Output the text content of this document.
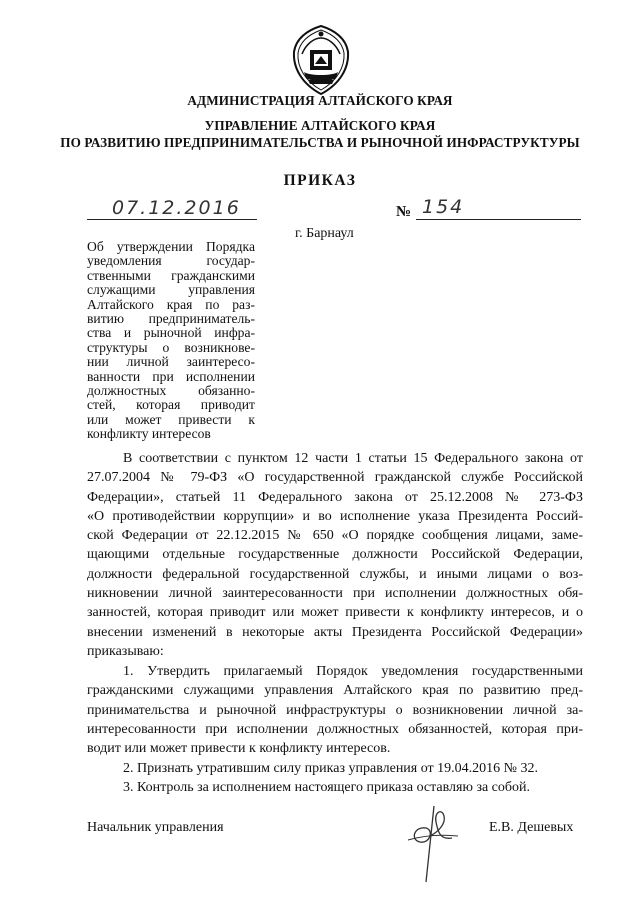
АДМИНИСТРАЦИЯ АЛТАЙСКОГО КРАЯ
УПРАВЛЕНИЕ АЛТАЙСКОГО КРАЯ
ПО РАЗВИТИЮ ПРЕДПРИНИМАТЕЛЬСТВА И РЫНОЧНОЙ ИНФРАСТРУКТУРЫ
ПРИКАЗ
07.12.2016	№ 154
г. Барнаул
Об утверждении Порядка
уведомления государ-
ственными гражданскими
служащими управления
Алтайского края по раз-
витию предприниматель-
ства и рыночной инфра-
структуры о возникнове-
нии личной заинтересо-
ванности при исполнении
должностных обязанно-
стей, которая приводит
или может привести к
конфликту интересов
В соответствии с пунктом 12 части 1 статьи 15 Федерального закона от
27.07.2004 № 79-ФЗ «О государственной гражданской службе Российской
Федерации», статьей 11 Федерального закона от 25.12.2008 № 273-ФЗ
«О противодействии коррупции» и во исполнение указа Президента Россий-
ской Федерации от 22.12.2015 № 650 «О порядке сообщения лицами, заме-
щающими отдельные государственные должности Российской Федерации,
должности федеральной государственной службы, и иными лицами о воз-
никновении личной заинтересованности при исполнении должностных обя-
занностей, которая приводит или может привести к конфликту интересов, и о
внесении изменений в некоторые акты Президента Российской Федерации»
приказываю:
1. Утвердить прилагаемый Порядок уведомления государственными
гражданскими служащими управления Алтайского края по развитию пред-
принимательства и рыночной инфраструктуры о возникновении личной за-
интересованности при исполнении должностных обязанностей, которая при-
водит или может привести к конфликту интересов.
2. Признать утратившим силу приказ управления от 19.04.2016 № 32.
3. Контроль за исполнением настоящего приказа оставляю за собой.
Начальник управления	Е.В. Дешевых
